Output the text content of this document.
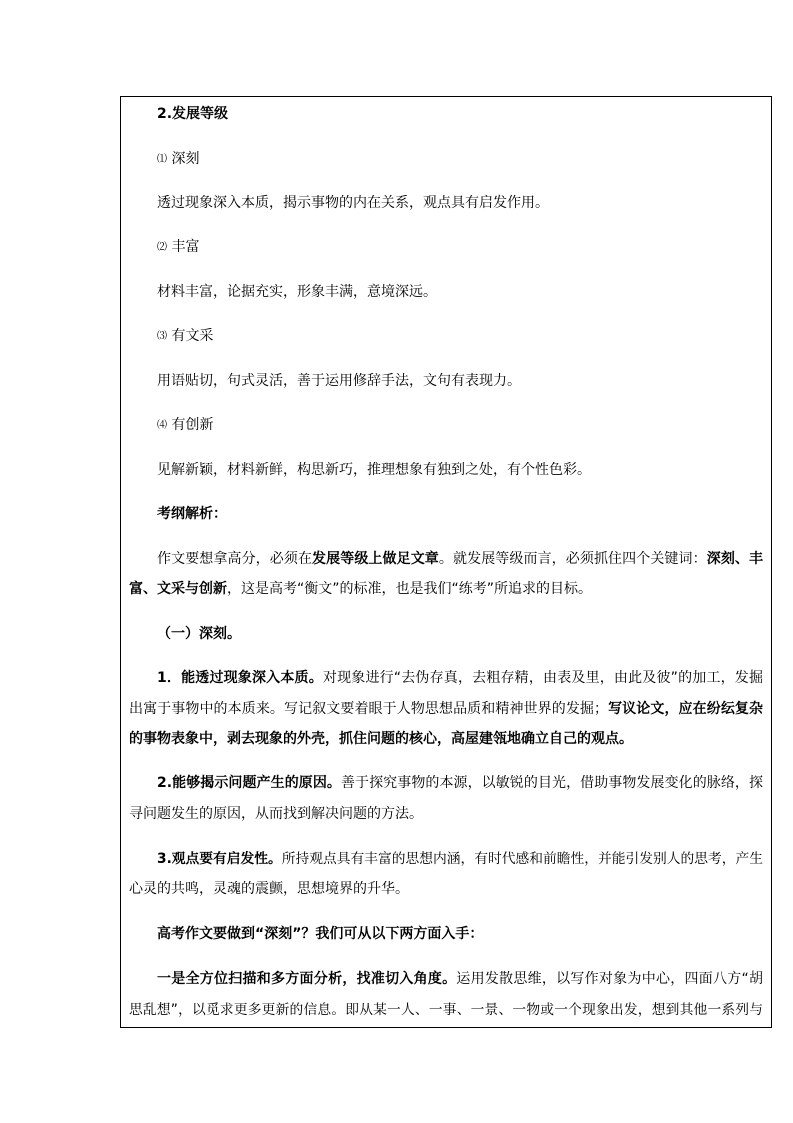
2.发展等级
⑴ 深刻
透过现象深入本质，揭示事物的内在关系，观点具有启发作用。
⑵ 丰富
材料丰富，论据充实，形象丰满，意境深远。
⑶ 有文采
用语贴切，句式灵活，善于运用修辞手法，文句有表现力。
⑷ 有创新
见解新颖，材料新鲜，构思新巧，推理想象有独到之处，有个性色彩。
考纲解析：
作文要想拿高分，必须在发展等级上做足文章。就发展等级而言，必须抓住四个关键词：深刻、丰
富、文采与创新，这是高考“衡文”的标准，也是我们“练考”所追求的目标。
（一）深刻。
1．能透过现象深入本质。对现象进行“去伪存真，去粗存精，由表及里，由此及彼”的加工，发掘
出寓于事物中的本质来。写记叙文要着眼于人物思想品质和精神世界的发掘；写议论文，应在纷纭复杂
的事物表象中，剥去现象的外壳，抓住问题的核心，高屋建瓴地确立自己的观点。
2.能够揭示问题产生的原因。善于探究事物的本源，以敏锐的目光，借助事物发展变化的脉络，探
寻问题发生的原因，从而找到解决问题的方法。
3.观点要有启发性。所持观点具有丰富的思想内涵，有时代感和前瞻性，并能引发别人的思考，产生
心灵的共鸣，灵魂的震颤，思想境界的升华。
高考作文要做到“深刻”？我们可从以下两方面入手：
一是全方位扫描和多方面分析，找准切入角度。运用发散思维，以写作对象为中心，四面八方“胡
思乱想”，以觅求更多更新的信息。即从某一人、一事、一景、一物或一个现象出发，想到其他一系列与
